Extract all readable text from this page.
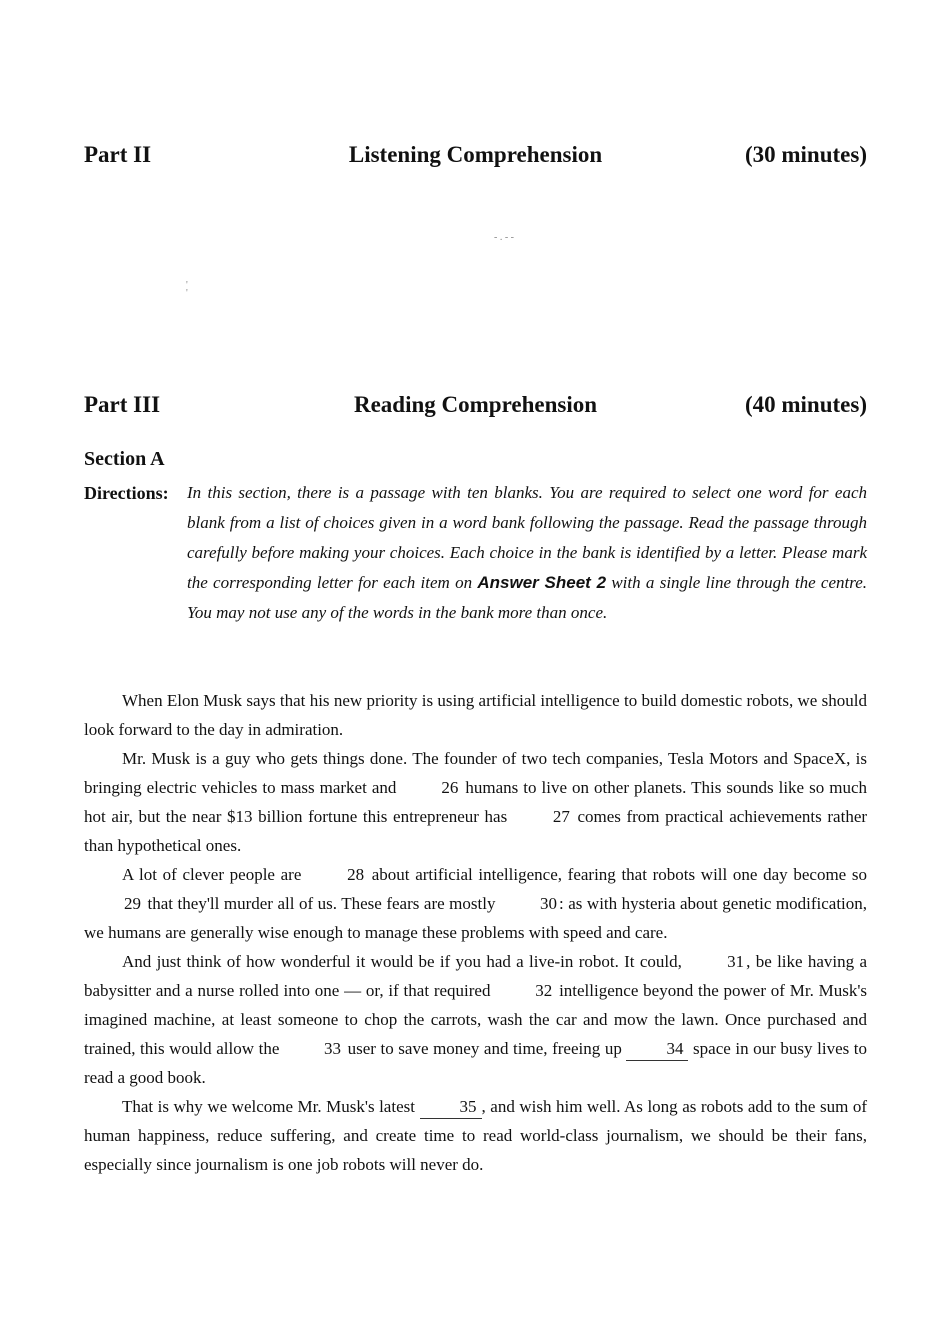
Part II	Listening Comprehension	(30 minutes)
- . - -
'
'
Part III	Reading Comprehension	(40 minutes)
Section A
Directions: In this section, there is a passage with ten blanks. You are required to select one word for each blank from a list of choices given in a word bank following the passage. Read the passage through carefully before making your choices. Each choice in the bank is identified by a letter. Please mark the corresponding letter for each item on Answer Sheet 2 with a single line through the centre. You may not use any of the words in the bank more than once.

When Elon Musk says that his new priority is using artificial intelligence to build domestic robots, we should look forward to the day in admiration.

Mr. Musk is a guy who gets things done. The founder of two tech companies, Tesla Motors and SpaceX, is bringing electric vehicles to mass market and	26 humans to live on other planets. This sounds like so much hot air, but the near $13 billion fortune this entrepreneur has	27 comes from practical achievements rather than hypothetical ones.

A lot of clever people are	28 about artificial intelligence, fearing that robots will one day become so 29 that they'll murder all of us. These fears are mostly	30 : as with hysteria about genetic modification, we humans are generally wise enough to manage these problems with speed and care.

And just think of how wonderful it would be if you had a live-in robot. It could,	31 , be like having a babysitter and a nurse rolled into one — or, if that required	32 intelligence beyond the power of Mr. Musk's imagined machine, at least someone to chop the carrots, wash the car and mow the lawn. Once purchased and trained, this would allow the	33 user to save money and time, freeing up	34 space in our busy lives to read a good book.

That is why we welcome Mr. Musk's latest	35 , and wish him well. As long as robots add to the sum of human happiness, reduce suffering, and create time to read world-class journalism, we should be their fans, especially since journalism is one job robots will never do.
